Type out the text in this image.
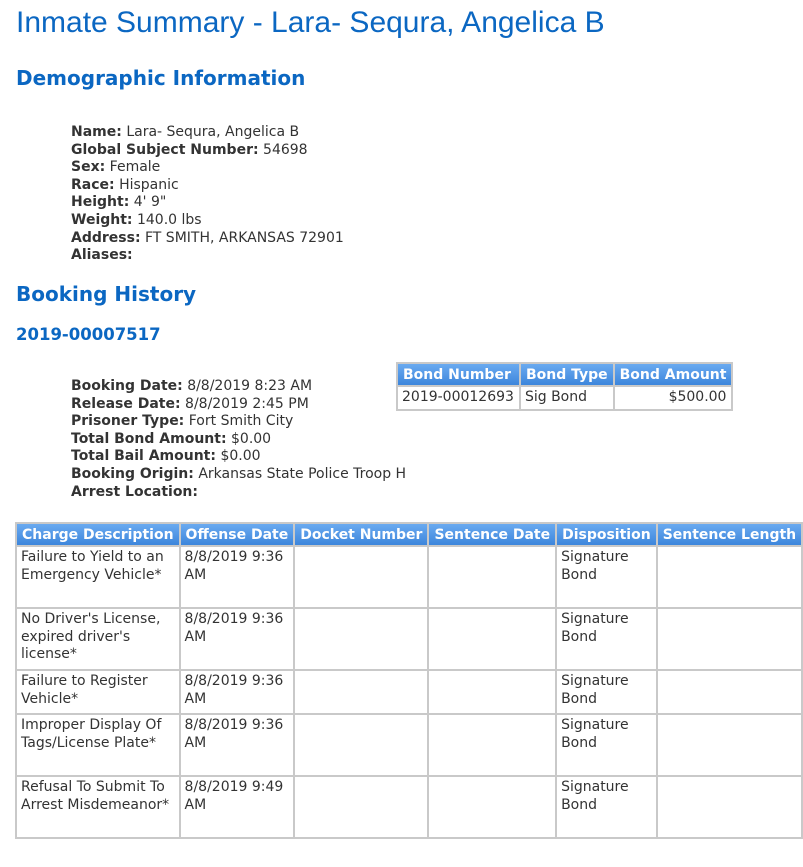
Inmate Summary - Lara- Sequra, Angelica B
Demographic Information
Name: Lara- Sequra, Angelica B
Global Subject Number: 54698
Sex: Female
Race: Hispanic
Height: 4' 9"
Weight: 140.0 lbs
Address: FT SMITH, ARKANSAS 72901
Aliases:
Booking History
2019-00007517
Booking Date: 8/8/2019 8:23 AM
Release Date: 8/8/2019 2:45 PM
Prisoner Type: Fort Smith City
Total Bond Amount: $0.00
Total Bail Amount: $0.00
Booking Origin: Arkansas State Police Troop H
Arrest Location:
Bond Number	Bond Type	Bond Amount
2019-00012693	Sig Bond	$500.00
Charge Description	Offense Date	Docket Number	Sentence Date	Disposition	Sentence Length
Failure to Yield to an Emergency Vehicle*	8/8/2019 9:36 AM			Signature Bond	
No Driver's License, expired driver's license*	8/8/2019 9:36 AM			Signature Bond	
Failure to Register Vehicle*	8/8/2019 9:36 AM			Signature Bond	
Improper Display Of Tags/License Plate*	8/8/2019 9:36 AM			Signature Bond	
Refusal To Submit To Arrest Misdemeanor*	8/8/2019 9:49 AM			Signature Bond	
